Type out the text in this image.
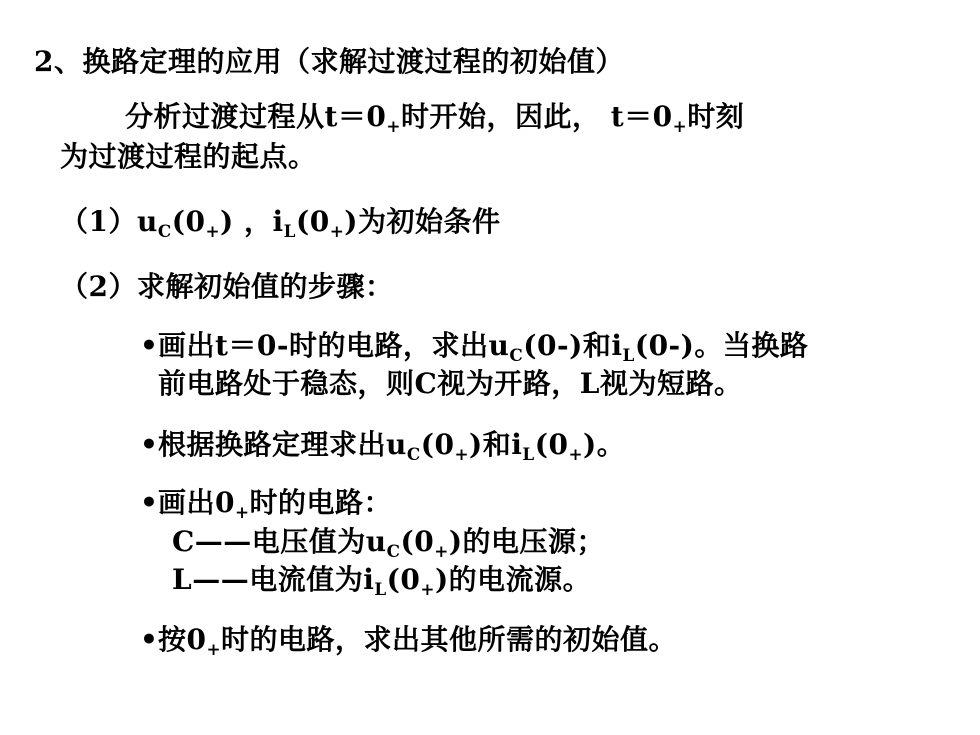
2、换路定理的应用（求解过渡过程的初始值）
分析过渡过程从$t=0_+$时开始，因此， $t=0_+$时刻
为过渡过程的起点。
$(1)u_C(0_+)$ ，$i_L(0_+)$为初始条件
（2）求解初始值的步骤：
•画出t＝0-时的电路，求出$u_C(0-)$和$i_L(0-)$。当换路
前电路处于稳态，则C视为开路，L视为短路。
•根据换路定理求出$u_C(0_+)$和$i_L(0_+)$。
•画出$0_+$时的电路：
C——电压值为$u_C(0_+)$的电压源；
L——电流值为$i_L(0_+)$的电流源。
•按$0_+$时的电路，求出其他所需的初始值。
